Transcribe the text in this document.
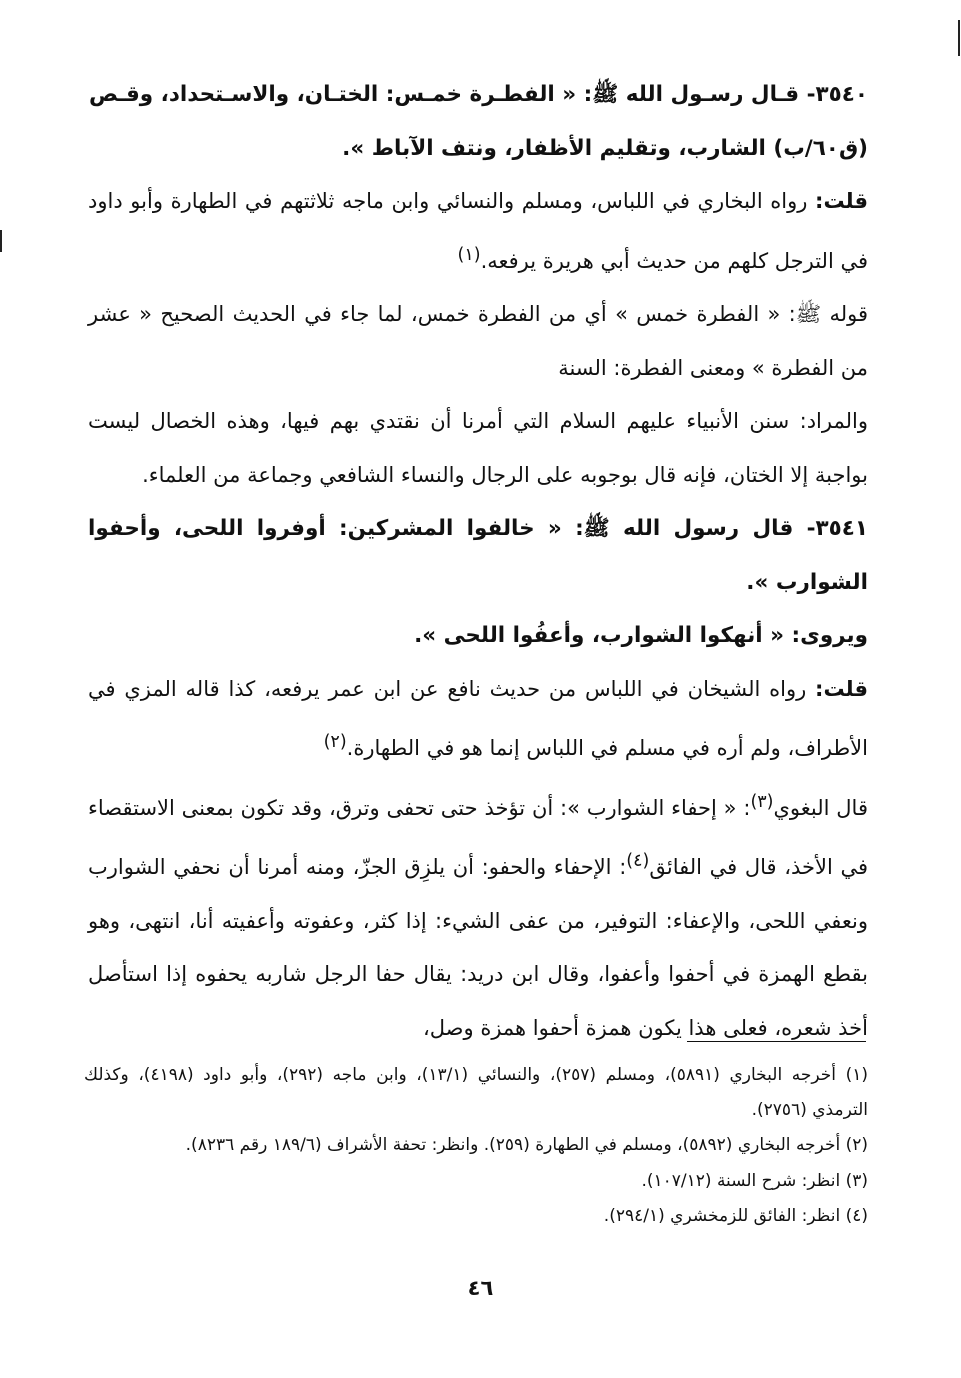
٣٥٤٠- قـال رسـول الله ﷺ: « الفطـرة خمـس: الختـان، والاسـتحداد، وقـص

(ق٦٠/ب) الشارب، وتقليم الأظفار، ونتف الآباط ».

قلت: رواه البخاري في اللباس، ومسلم والنسائي وابن ماجه ثلاثتهم في الطهارة وأبو داود في الترجل كلهم من حديث أبي هريرة يرفعه.$^{(١)}$

قوله ﷺ: « الفطرة خمس » أي من الفطرة خمس، لما جاء في الحديث الصحيح « عشر من الفطرة » ومعنى الفطرة: السنة

والمراد: سنن الأنبياء عليهم السلام التي أمرنا أن نقتدي بهم فيها، وهذه الخصال ليست بواجبة إلا الختان، فإنه قال بوجوبه على الرجال والنساء الشافعي وجماعة من العلماء.

٣٥٤١- قال رسول الله ﷺ: « خالفوا المشركين: أوفروا اللحى، وأحفوا الشوارب ».

ويروى: « أنهكوا الشوارب، وأعفُوا اللحى ».

قلت: رواه الشيخان في اللباس من حديث نافع عن ابن عمر يرفعه، كذا قاله المزي في الأطراف، ولم أره في مسلم في اللباس إنما هو في الطهارة.$^{(٢)}$

قال البغوي$^{(٣)}$: « إحفاء الشوارب »: أن تؤخذ حتى تحفى وترق، وقد تكون بمعنى الاستقصاء في الأخذ، قال في الفائق$^{(٤)}$: الإحفاء والحفو: أن يلزِق الجزّ، ومنه أمرنا أن نحفي الشوارب ونعفي اللحى، والإعفاء: التوفير، من عفى الشيء: إذا كثر، وعفوته وأعفيته أنا، انتهى، وهو بقطع الهمزة في أحفوا وأعفوا، وقال ابن دريد: يقال حفا الرجل شاربه يحفوه إذا استأصل أخذ شعره، فعلى هذا يكون همزة أحفوا همزة وصل،

(١) أخرجه البخاري (٥٨٩١)، ومسلم (٢٥٧)، والنسائي (١٣/١)، وابن ماجه (٢٩٢)، وأبو داود (٤١٩٨)، وكذلك الترمذي (٢٧٥٦).

(٢) أخرجه البخاري (٥٨٩٢)، ومسلم في الطهارة (٢٥٩). وانظر: تحفة الأشراف (١٨٩/٦ رقم ٨٢٣٦).

(٣) انظر: شرح السنة (١٠٧/١٢).

(٤) انظر: الفائق للزمخشري (٢٩٤/١).

٤٦
